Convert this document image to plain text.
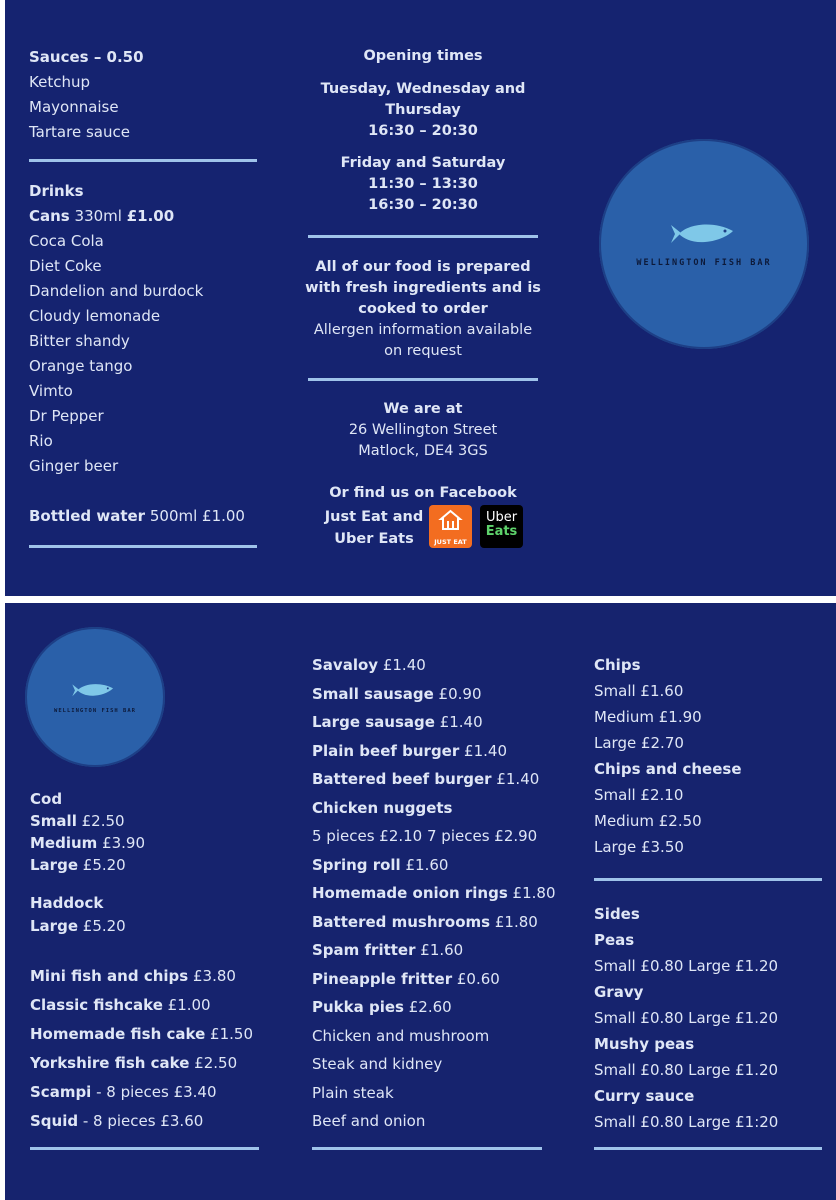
Sauces – 0.50
Ketchup
Mayonnaise
Tartare sauce
Drinks
Cans 330ml £1.00
Coca Cola
Diet Coke
Dandelion and burdock
Cloudy lemonade
Bitter shandy
Orange tango
Vimto
Dr Pepper
Rio
Ginger beer
Bottled water 500ml £1.00
Opening times
Tuesday, Wednesday and
Thursday
16:30 – 20:30
Friday and Saturday
11:30 – 13:30
16:30 – 20:30
All of our food is prepared
with fresh ingredients and is
cooked to order
Allergen information available
on request
We are at
26 Wellington Street
Matlock, DE4 3GS
Or find us on Facebook
Just Eat and
Uber Eats	JUST EAT
Uber
Eats
WELLINGTON FISH BAR
WELLINGTON FISH BAR
Cod
Small £2.50
Medium £3.90
Large £5.20
Haddock
Large £5.20
Mini fish and chips £3.80
Classic fishcake £1.00
Homemade fish cake £1.50
Yorkshire fish cake £2.50
Scampi - 8 pieces £3.40
Squid - 8 pieces £3.60
Savaloy £1.40
Small sausage £0.90
Large sausage £1.40
Plain beef burger £1.40
Battered beef burger £1.40
Chicken nuggets
5 pieces £2.10 7 pieces £2.90
Spring roll £1.60
Homemade onion rings £1.80
Battered mushrooms £1.80
Spam fritter £1.60
Pineapple fritter £0.60
Pukka pies £2.60
Chicken and mushroom
Steak and kidney
Plain steak
Beef and onion
Chips
Small £1.60
Medium £1.90
Large £2.70
Chips and cheese
Small £2.10
Medium £2.50
Large £3.50
Sides
Peas
Small £0.80 Large £1.20
Gravy
Small £0.80 Large £1.20
Mushy peas
Small £0.80 Large £1.20
Curry sauce
Small £0.80 Large £1:20
